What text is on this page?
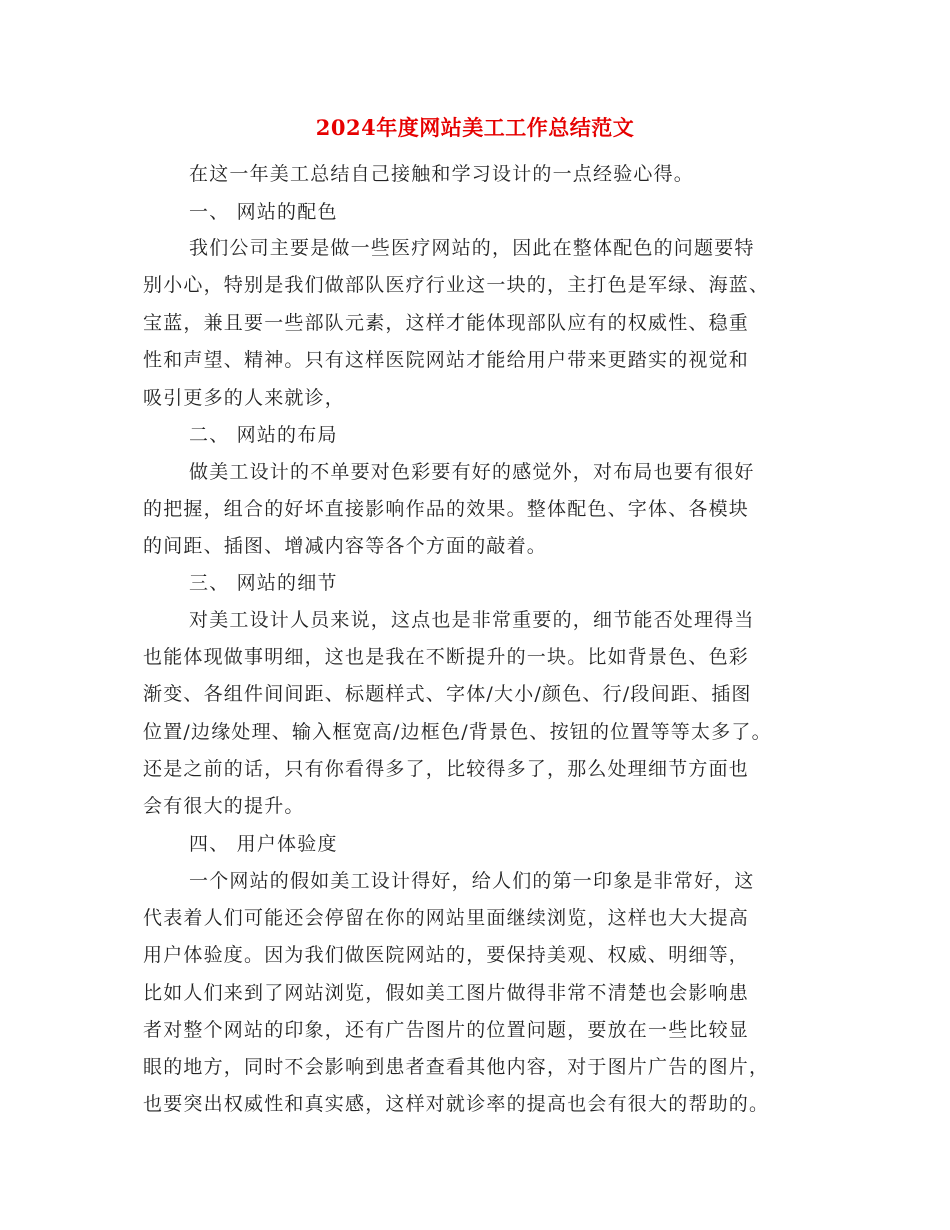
2024年度网站美工工作总结范文
在这一年美工总结自己接触和学习设计的一点经验心得。
一、 网站的配色
我们公司主要是做一些医疗网站的，因此在整体配色的问题要特
别小心，特别是我们做部队医疗行业这一块的，主打色是军绿、海蓝、
宝蓝，兼且要一些部队元素，这样才能体现部队应有的权威性、稳重
性和声望、精神。只有这样医院网站才能给用户带来更踏实的视觉和
吸引更多的人来就诊，
二、 网站的布局
做美工设计的不单要对色彩要有好的感觉外，对布局也要有很好
的把握，组合的好坏直接影响作品的效果。整体配色、字体、各模块
的间距、插图、增减内容等各个方面的敲着。
三、 网站的细节
对美工设计人员来说，这点也是非常重要的，细节能否处理得当
也能体现做事明细，这也是我在不断提升的一块。比如背景色、色彩
渐变、各组件间间距、标题样式、字体/大小/颜色、行/段间距、插图
位置/边缘处理、输入框宽高/边框色/背景色、按钮的位置等等太多了。
还是之前的话，只有你看得多了，比较得多了，那么处理细节方面也
会有很大的提升。
四、 用户体验度
一个网站的假如美工设计得好，给人们的第一印象是非常好，这
代表着人们可能还会停留在你的网站里面继续浏览，这样也大大提高
用户体验度。因为我们做医院网站的，要保持美观、权威、明细等，
比如人们来到了网站浏览，假如美工图片做得非常不清楚也会影响患
者对整个网站的印象，还有广告图片的位置问题，要放在一些比较显
眼的地方，同时不会影响到患者查看其他内容，对于图片广告的图片，
也要突出权威性和真实感，这样对就诊率的提高也会有很大的帮助的。
